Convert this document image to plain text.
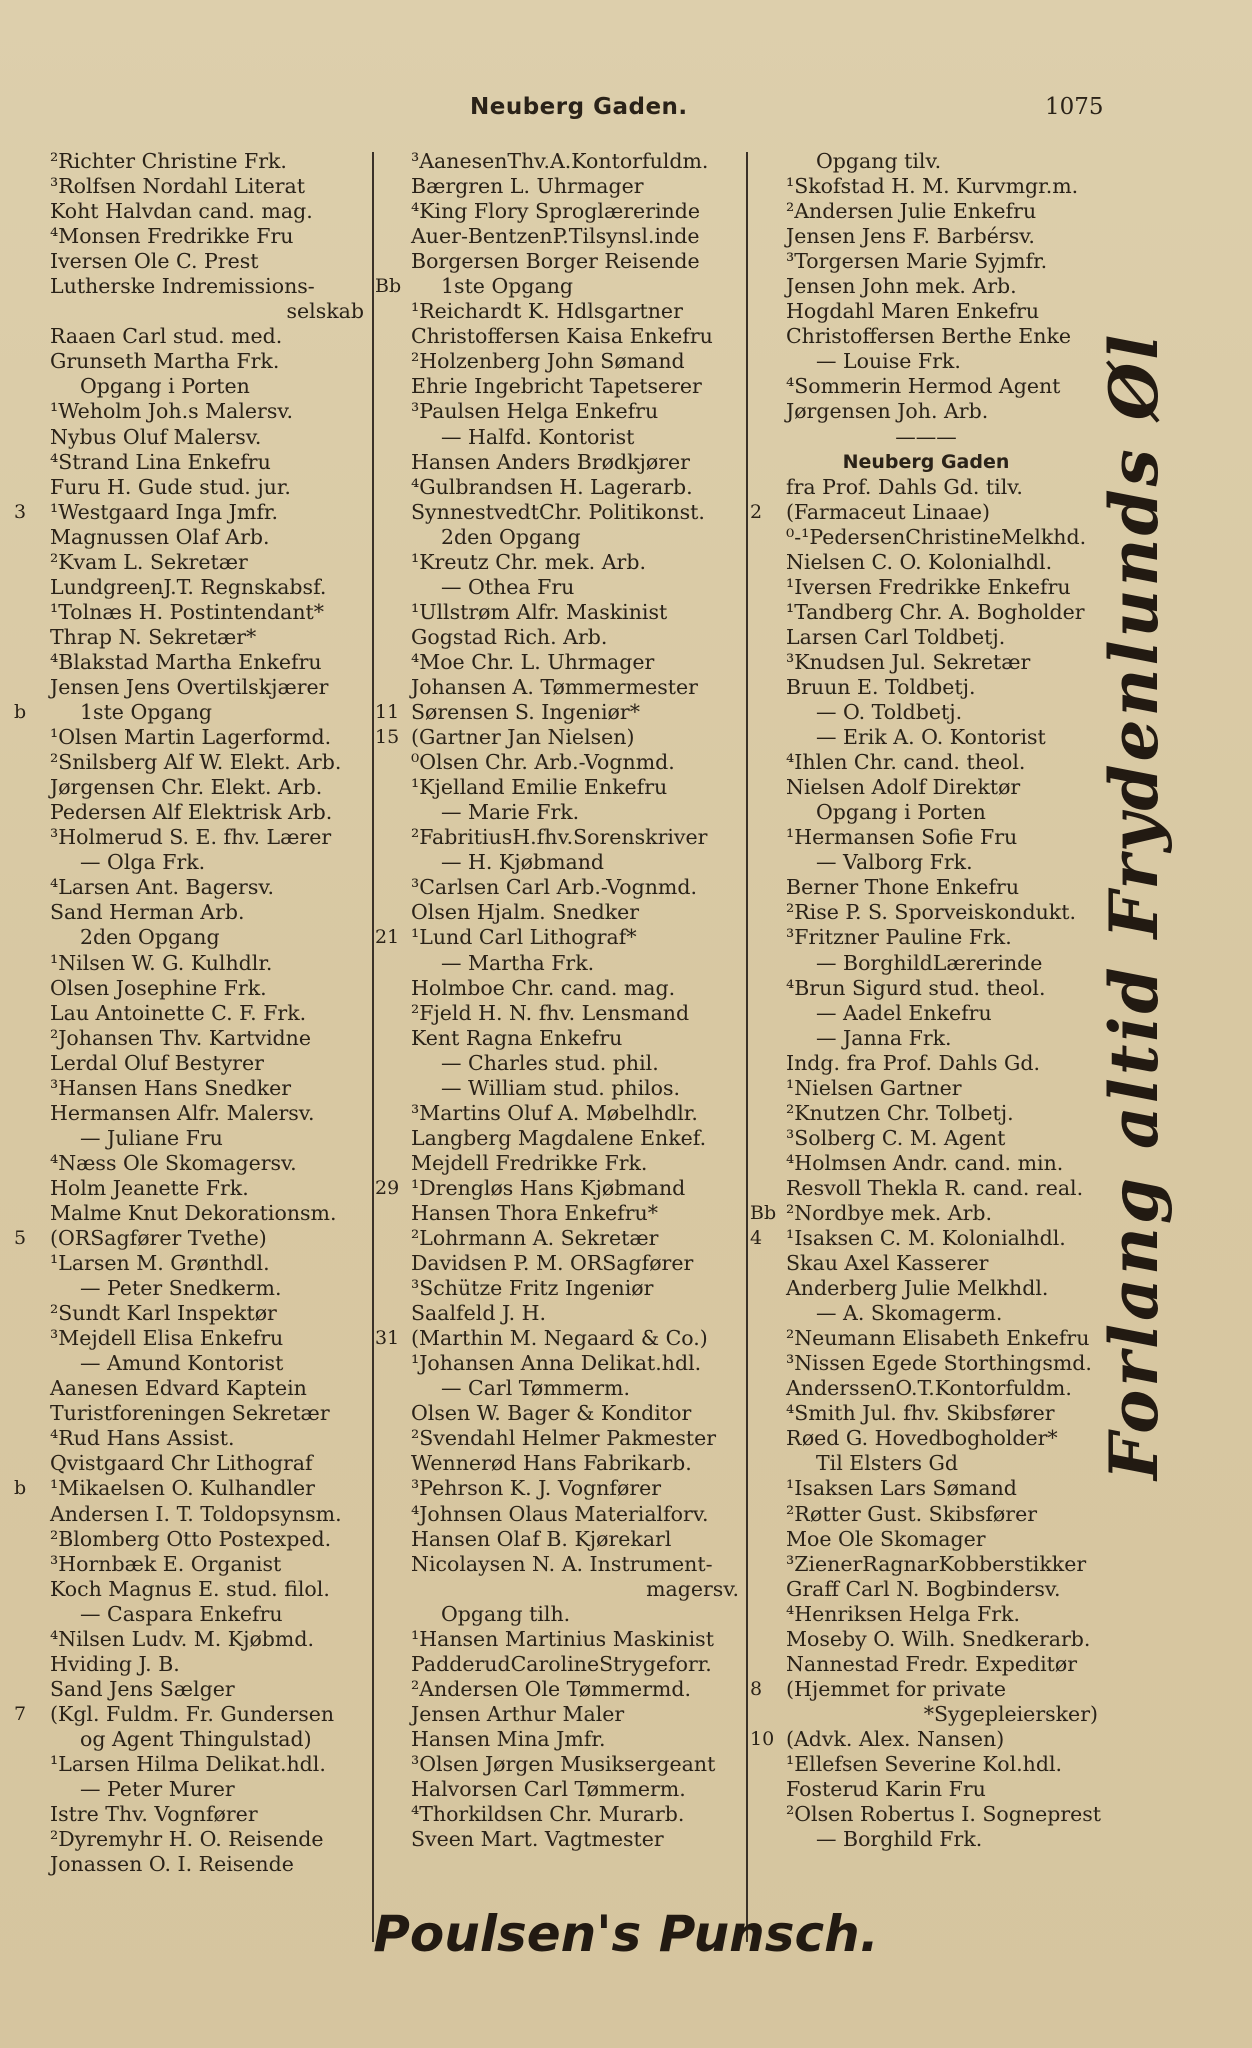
Neuberg Gaden.	1075
²Richter Christine Frk.
³Rolfsen Nordahl Literat
Koht Halvdan cand. mag.
⁴Monsen Fredrikke Fru
Iversen Ole C. Prest
Lutherske Indremissions-
selskab
Raaen Carl stud. med.
Grunseth Martha Frk.
Opgang i Porten
¹Weholm Joh.s Malersv.
Nybus Oluf Malersv.
⁴Strand Lina Enkefru
Furu H. Gude stud. jur.
3	¹Westgaard Inga Jmfr.
Magnussen Olaf Arb.
²Kvam L. Sekretær
LundgreenJ.T. Regnskabsf.
¹Tolnæs H. Postintendant*
Thrap N. Sekretær*
⁴Blakstad Martha Enkefru
Jensen Jens Overtilskjærer
b	1ste Opgang
¹Olsen Martin Lagerformd.
²Snilsberg Alf W. Elekt. Arb.
Jørgensen Chr. Elekt. Arb.
Pedersen Alf Elektrisk Arb.
³Holmerud S. E. fhv. Lærer
— Olga Frk.
⁴Larsen Ant. Bagersv.
Sand Herman Arb.
2den Opgang
¹Nilsen W. G. Kulhdlr.
Olsen Josephine Frk.
Lau Antoinette C. F. Frk.
²Johansen Thv. Kartvidne
Lerdal Oluf Bestyrer
³Hansen Hans Snedker
Hermansen Alfr. Malersv.
— Juliane Fru
⁴Næss Ole Skomagersv.
Holm Jeanette Frk.
Malme Knut Dekorationsm.
5	(ORSagfører Tvethe)
¹Larsen M. Grønthdl.
— Peter Snedkerm.
²Sundt Karl Inspektør
³Mejdell Elisa Enkefru
— Amund Kontorist
Aanesen Edvard Kaptein
Turistforeningen Sekretær
⁴Rud Hans Assist.
Qvistgaard Chr Lithograf
b	¹Mikaelsen O. Kulhandler
Andersen I. T. Toldopsynsm.
²Blomberg Otto Postexped.
³Hornbæk E. Organist
Koch Magnus E. stud. filol.
— Caspara Enkefru
⁴Nilsen Ludv. M. Kjøbmd.
Hviding J. B.
Sand Jens Sælger
7	(Kgl. Fuldm. Fr. Gundersen
og Agent Thingulstad)
¹Larsen Hilma Delikat.hdl.
— Peter Murer
Istre Thv. Vognfører
²Dyremyhr H. O. Reisende
Jonassen O. I. Reisende
³AanesenThv.A.Kontorfuldm.
Bærgren L. Uhrmager
⁴King Flory Sproglærerinde
Auer-BentzenP.Tilsynsl.inde
Borgersen Borger Reisende
Bb	1ste Opgang
¹Reichardt K. Hdlsgartner
Christoffersen Kaisa Enkefru
²Holzenberg John Sømand
Ehrie Ingebricht Tapetserer
³Paulsen Helga Enkefru
— Halfd. Kontorist
Hansen Anders Brødkjører
⁴Gulbrandsen H. Lagerarb.
SynnestvedtChr. Politikonst.
2den Opgang
¹Kreutz Chr. mek. Arb.
— Othea Fru
¹Ullstrøm Alfr. Maskinist
Gogstad Rich. Arb.
⁴Moe Chr. L. Uhrmager
Johansen A. Tømmermester
11 Sørensen S. Ingeniør*
15 (Gartner Jan Nielsen)
⁰Olsen Chr. Arb.-Vognmd.
¹Kjelland Emilie Enkefru
— Marie Frk.
²FabritiusH.fhv.Sorenskriver
— H. Kjøbmand
³Carlsen Carl Arb.-Vognmd.
Olsen Hjalm. Snedker
21 ¹Lund Carl Lithograf*
— Martha Frk.
Holmboe Chr. cand. mag.
²Fjeld H. N. fhv. Lensmand
Kent Ragna Enkefru
— Charles stud. phil.
— William stud. philos.
³Martins Oluf A. Møbelhdlr.
Langberg Magdalene Enkef.
Mejdell Fredrikke Frk.
29 ¹Drengløs Hans Kjøbmand
Hansen Thora Enkefru*
²Lohrmann A. Sekretær
Davidsen P. M. ORSagfører
³Schütze Fritz Ingeniør
Saalfeld J. H.
31 (Marthin M. Negaard & Co.)
¹Johansen Anna Delikat.hdl.
— Carl Tømmerm.
Olsen W. Bager & Konditor
²Svendahl Helmer Pakmester
Wennerød Hans Fabrikarb.
³Pehrson K. J. Vognfører
⁴Johnsen Olaus Materialforv.
Hansen Olaf B. Kjørekarl
Nicolaysen N. A. Instrument-
magersv.
Opgang tilh.
¹Hansen Martinius Maskinist
PadderudCarolineStrygeforr.
²Andersen Ole Tømmermd.
Jensen Arthur Maler
Hansen Mina Jmfr.
³Olsen Jørgen Musiksergeant
Halvorsen Carl Tømmerm.
⁴Thorkildsen Chr. Murarb.
Sveen Mart. Vagtmester
Opgang tilv.
¹Skofstad H. M. Kurvmgr.m.
²Andersen Julie Enkefru
Jensen Jens F. Barbérsv.
³Torgersen Marie Syjmfr.
Jensen John mek. Arb.
Hogdahl Maren Enkefru
Christoffersen Berthe Enke
— Louise Frk.
⁴Sommerin Hermod Agent
Jørgensen Joh. Arb.
———
Neuberg Gaden
fra Prof. Dahls Gd. tilv.
2	(Farmaceut Linaae)
⁰-¹PedersenChristineMelkhd.
Nielsen C. O. Kolonialhdl.
¹Iversen Fredrikke Enkefru
¹Tandberg Chr. A. Bogholder
Larsen Carl Toldbetj.
³Knudsen Jul. Sekretær
Bruun E. Toldbetj.
— O. Toldbetj.
— Erik A. O. Kontorist
⁴Ihlen Chr. cand. theol.
Nielsen Adolf Direktør
Opgang i Porten
¹Hermansen Sofie Fru
— Valborg Frk.
Berner Thone Enkefru
²Rise P. S. Sporveiskondukt.
³Fritzner Pauline Frk.
— BorghildLærerinde
⁴Brun Sigurd stud. theol.
— Aadel Enkefru
— Janna Frk.
Indg. fra Prof. Dahls Gd.
¹Nielsen Gartner
²Knutzen Chr. Tolbetj.
³Solberg C. M. Agent
⁴Holmsen Andr. cand. min.
Resvoll Thekla R. cand. real.
Bb ²Nordbye mek. Arb.
4	¹Isaksen C. M. Kolonialhdl.
Skau Axel Kasserer
Anderberg Julie Melkhdl.
— A. Skomagerm.
²Neumann Elisabeth Enkefru
³Nissen Egede Storthingsmd.
AnderssenO.T.Kontorfuldm.
⁴Smith Jul. fhv. Skibsfører
Røed G. Hovedbogholder*
Til Elsters Gd
¹Isaksen Lars Sømand
²Røtter Gust. Skibsfører
Moe Ole Skomager
³ZienerRagnarKobberstikker
Graff Carl N. Bogbindersv.
⁴Henriksen Helga Frk.
Moseby O. Wilh. Snedkerarb.
Nannestad Fredr. Expeditør
8	(Hjemmet for private
*Sygepleiersker)
10 (Advk. Alex. Nansen)
¹Ellefsen Severine Kol.hdl.
Fosterud Karin Fru
²Olsen Robertus I. Sogneprest
— Borghild Frk.
Forlang altid Frydenlunds Øl
Poulsen's Punsch.
